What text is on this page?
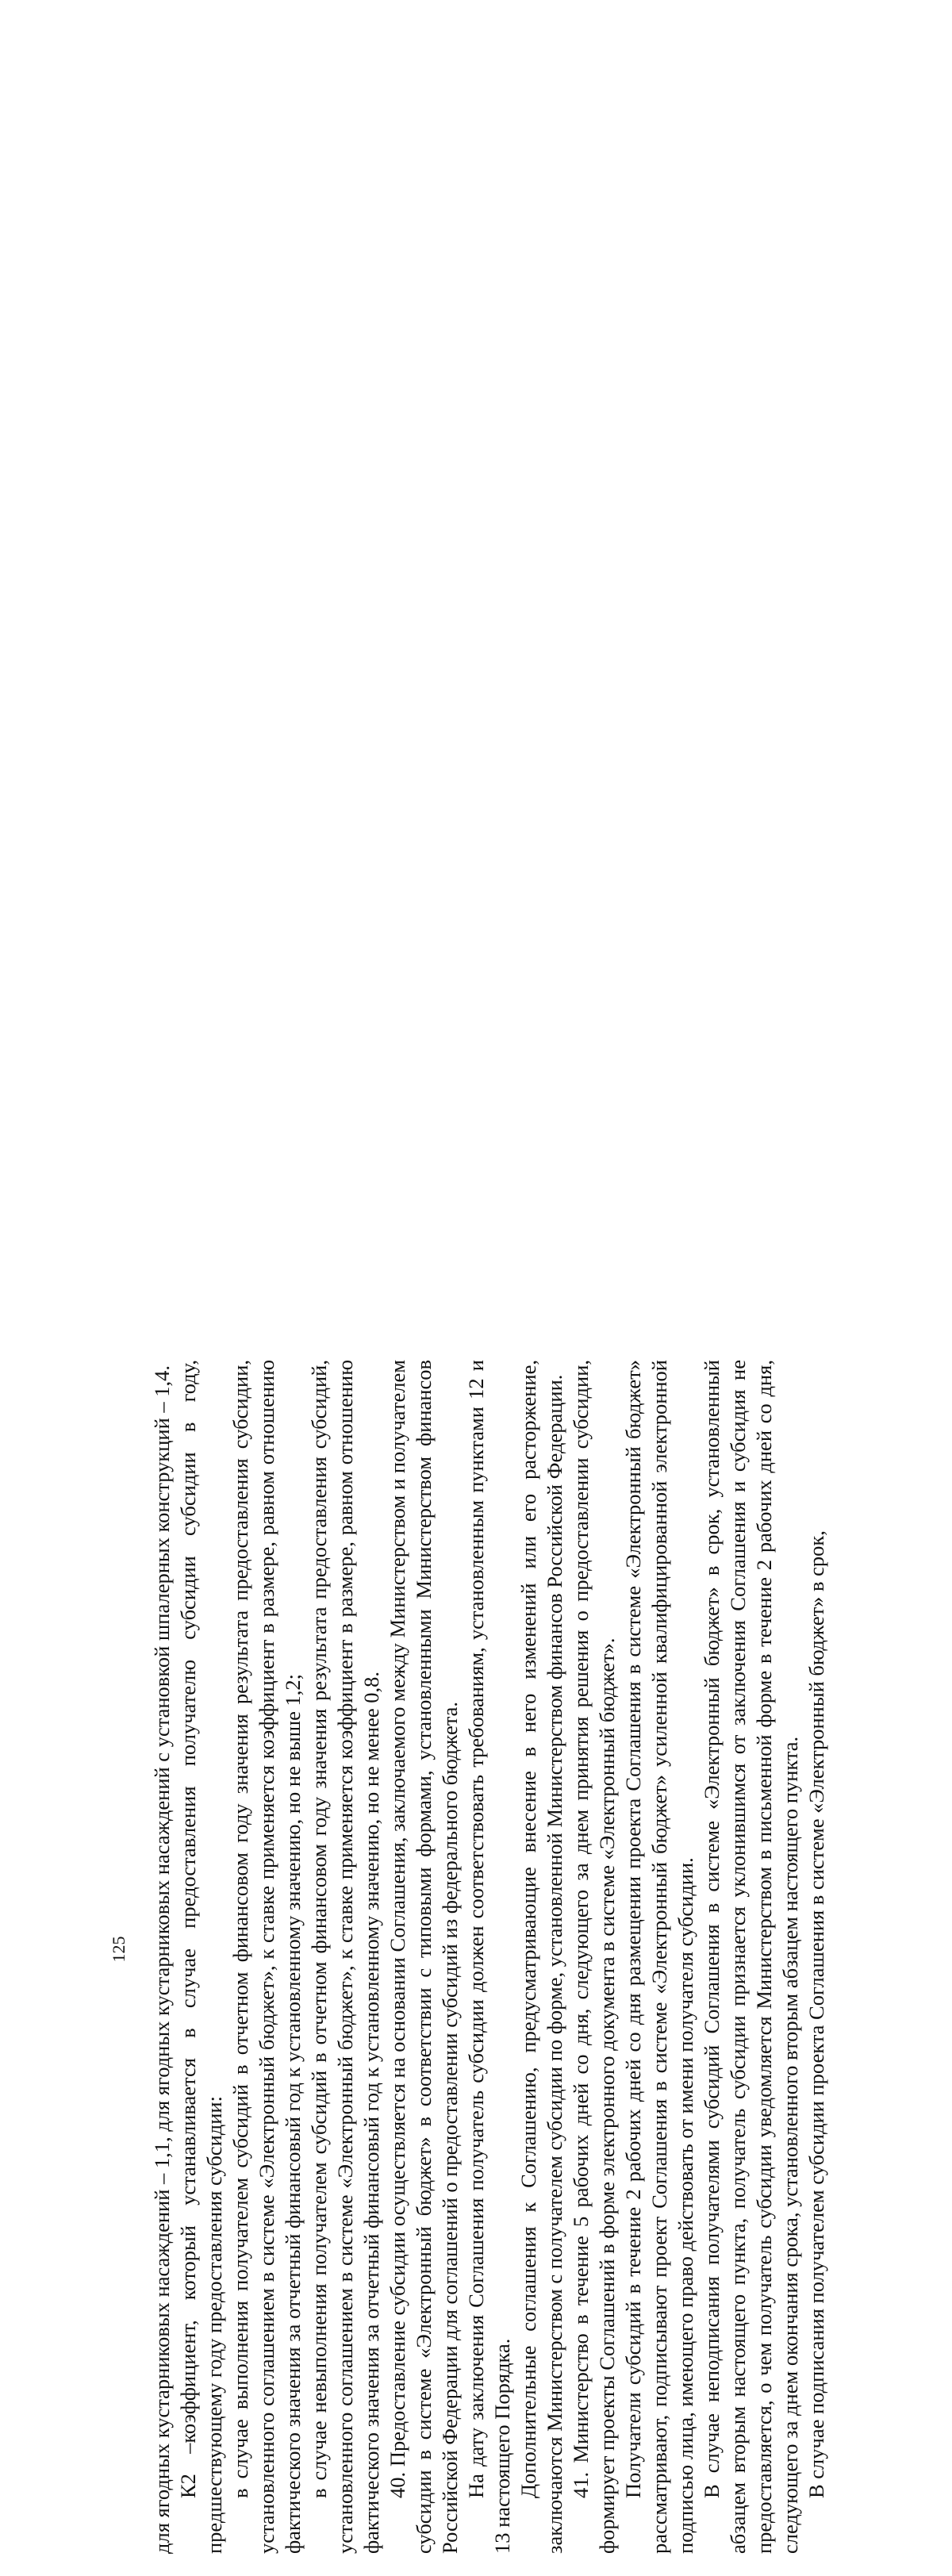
125 для ягодных кустарниковых насаждений – 1,1, для ягодных кустарниковых насаждений с установкой шпалерных конструкций – 1,4. К2 –коэффициент, который устанавливается в случае предоставления получателю субсидии субсидии в году, предшествующему году предоставления субсидии: в случае выполнения получателем субсидий в отчетном финансовом году значения результата предоставления субсидии, установленного соглашением в системе «Электронный бюджет», к ставке применяется коэффициент в размере, равном отношению фактического значения за отчетный финансовый год к установленному значению, но не выше 1,2; в случае невыполнения получателем субсидий в отчетном финансовом году значения результата предоставления субсидий, установленного соглашением в системе «Электронный бюджет», к ставке применяется коэффициент в размере, равном отношению фактического значения за отчетный финансовый год к установленному значению, но не менее 0,8. 40. Предоставление субсидии осуществляется на основании Соглашения, заключаемого между Министерством и получателем субсидии в системе «Электронный бюджет» в соответствии с типовыми формами, установленными Министерством финансов Российской Федерации для соглашений о предоставлении субсидий из федерального бюджета. На дату заключения Соглашения получатель субсидии должен соответствовать требованиям, установленным пунктами 12 и 13 настоящего Порядка. Дополнительные соглашения к Соглашению, предусматривающие внесение в него изменений или его расторжение, заключаются Министерством с получателем субсидии по форме, установленной Министерством финансов Российской Федерации. 41. Министерство в течение 5 рабочих дней со дня, следующего за днем принятия решения о предоставлении субсидии, формирует проекты Соглашений в форме электронного документа в системе «Электронный бюджет». Получатели субсидий в течение 2 рабочих дней со дня размещении проекта Соглашения в системе «Электронный бюджет» рассматривают, подписывают проект Соглашения в системе «Электронный бюджет» усиленной квалифицированной электронной подписью лица, имеющего право действовать от имени получателя субсидии. В случае неподписания получателями субсидий Соглашения в системе «Электронный бюджет» в срок, установленный абзацем вторым настоящего пункта, получатель субсидии признается уклонившимся от заключения Соглашения и субсидия не предоставляется, о чем получатель субсидии уведомляется Министерством в письменной форме в течение 2 рабочих дней со дня, следующего за днем окончания срока, установленного вторым абзацем настоящего пункта. В случае подписания получателем субсидии проекта Соглашения в системе «Электронный бюджет» в срок,
